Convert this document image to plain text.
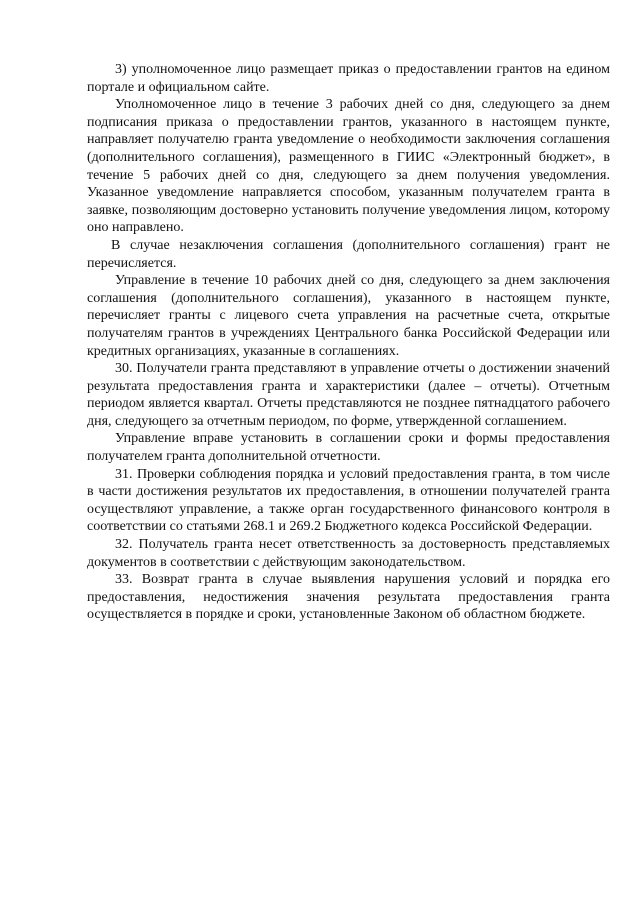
3) уполномоченное лицо размещает приказ о предоставлении грантов на едином портале и официальном сайте.

Уполномоченное лицо в течение 3 рабочих дней со дня, следующего за днем подписания приказа о предоставлении грантов, указанного в настоящем пункте, направляет получателю гранта уведомление о необходимости заключения соглашения (дополнительного соглашения), размещенного в ГИИС «Электронный бюджет», в течение 5 рабочих дней со дня, следующего за днем получения уведомления. Указанное уведомление направляется способом, указанным получателем гранта в заявке, позволяющим достоверно установить получение уведомления лицом, которому оно направлено.

В случае незаключения соглашения (дополнительного соглашения) грант не перечисляется.

Управление в течение 10 рабочих дней со дня, следующего за днем заключения соглашения (дополнительного соглашения), указанного в настоящем пункте, перечисляет гранты с лицевого счета управления на расчетные счета, открытые получателям грантов в учреждениях Центрального банка Российской Федерации или кредитных организациях, указанные в соглашениях.

30. Получатели гранта представляют в управление отчеты о достижении значений результата предоставления гранта и характеристики (далее – отчеты). Отчетным периодом является квартал. Отчеты представляются не позднее пятнадцатого рабочего дня, следующего за отчетным периодом, по форме, утвержденной соглашением.

Управление вправе установить в соглашении сроки и формы предоставления получателем гранта дополнительной отчетности.

31. Проверки соблюдения порядка и условий предоставления гранта, в том числе в части достижения результатов их предоставления, в отношении получателей гранта осуществляют управление, а также орган государственного финансового контроля в соответствии со статьями 268.1 и 269.2 Бюджетного кодекса Российской Федерации.

32. Получатель гранта несет ответственность за достоверность представляемых документов в соответствии с действующим законодательством.

33. Возврат гранта в случае выявления нарушения условий и порядка его предоставления, недостижения значения результата предоставления гранта осуществляется в порядке и сроки, установленные Законом об областном бюджете.
